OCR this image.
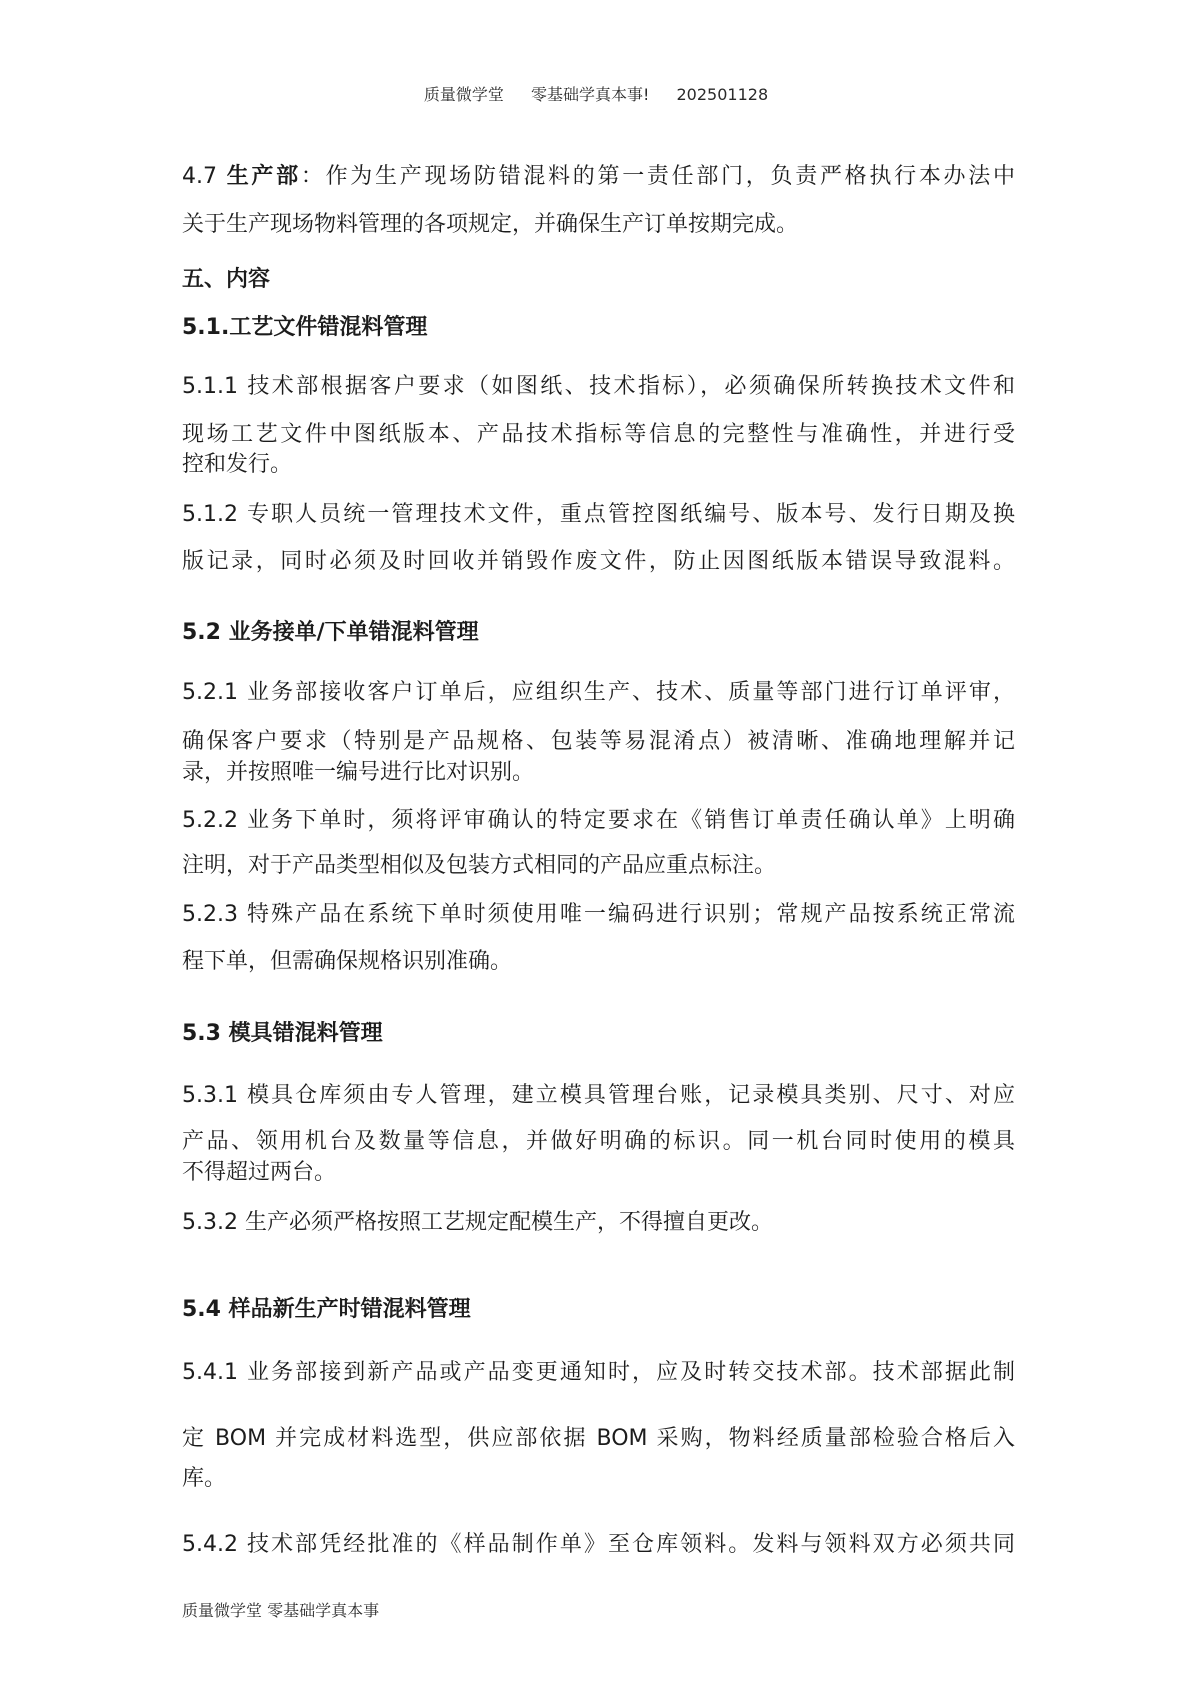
质量微学堂 零基础学真本事! 202501128
4.7 生产部：作为生产现场防错混料的第一责任部门，负责严格执行本办法中
关于生产现场物料管理的各项规定，并确保生产订单按期完成。
五、内容
5.1.工艺文件错混料管理
5.1.1 技术部根据客户要求（如图纸、技术指标），必须确保所转换技术文件和
现场工艺文件中图纸版本、产品技术指标等信息的完整性与准确性，并进行受
控和发行。
5.1.2 专职人员统一管理技术文件，重点管控图纸编号、版本号、发行日期及换
版记录，同时必须及时回收并销毁作废文件，防止因图纸版本错误导致混料。
5.2 业务接单/下单错混料管理
5.2.1 业务部接收客户订单后，应组织生产、技术、质量等部门进行订单评审，
确保客户要求（特别是产品规格、包装等易混淆点）被清晰、准确地理解并记
录，并按照唯一编号进行比对识别。
5.2.2 业务下单时，须将评审确认的特定要求在《销售订单责任确认单》上明确
注明，对于产品类型相似及包装方式相同的产品应重点标注。
5.2.3 特殊产品在系统下单时须使用唯一编码进行识别；常规产品按系统正常流
程下单，但需确保规格识别准确。
5.3 模具错混料管理
5.3.1 模具仓库须由专人管理，建立模具管理台账，记录模具类别、尺寸、对应
产品、领用机台及数量等信息，并做好明确的标识。同一机台同时使用的模具
不得超过两台。
5.3.2 生产必须严格按照工艺规定配模生产，不得擅自更改。
5.4 样品新生产时错混料管理
5.4.1 业务部接到新产品或产品变更通知时，应及时转交技术部。技术部据此制
定 BOM 并完成材料选型，供应部依据 BOM 采购，物料经质量部检验合格后入
库。
5.4.2 技术部凭经批准的《样品制作单》至仓库领料。发料与领料双方必须共同
质量微学堂 零基础学真本事
